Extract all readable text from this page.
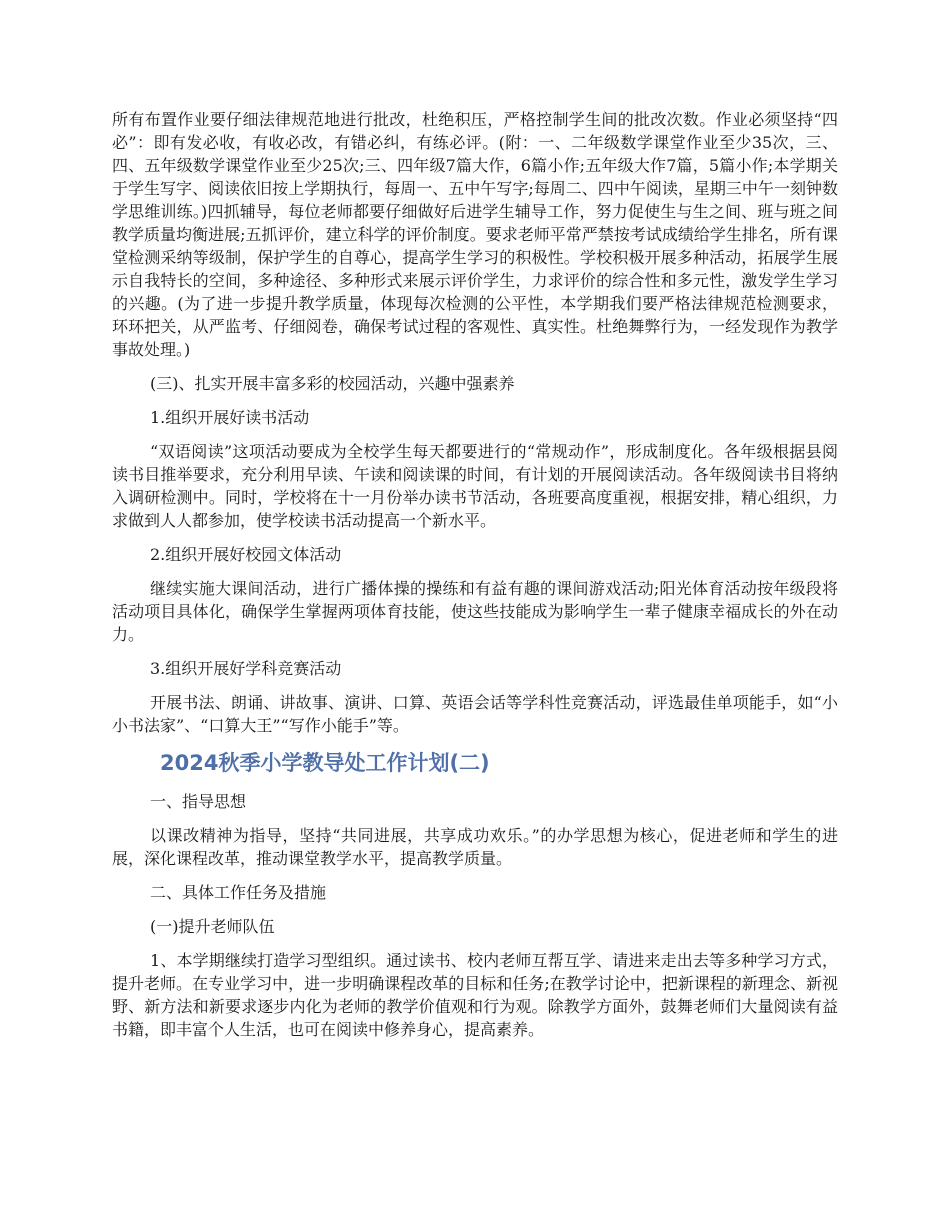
所有布置作业要仔细法律规范地进行批改，杜绝积压，严格控制学生间的批改次数。作业必须坚持“四必”：即有发必收，有收必改，有错必纠，有练必评。(附：一、二年级数学课堂作业至少35次，三、四、五年级数学课堂作业至少25次;三、四年级7篇大作，6篇小作;五年级大作7篇，5篇小作;本学期关于学生写字、阅读依旧按上学期执行，每周一、五中午写字;每周二、四中午阅读，星期三中午一刻钟数学思维训练。)四抓辅导，每位老师都要仔细做好后进学生辅导工作，努力促使生与生之间、班与班之间教学质量均衡进展;五抓评价，建立科学的评价制度。要求老师平常严禁按考试成绩给学生排名，所有课堂检测采纳等级制，保护学生的自尊心，提高学生学习的积极性。学校积极开展多种活动，拓展学生展示自我特长的空间，多种途径、多种形式来展示评价学生，力求评价的综合性和多元性，激发学生学习的兴趣。(为了进一步提升教学质量，体现每次检测的公平性，本学期我们要严格法律规范检测要求，环环把关，从严监考、仔细阅卷，确保考试过程的客观性、真实性。杜绝舞弊行为，一经发现作为教学事故处理。)

(三)、扎实开展丰富多彩的校园活动，兴趣中强素养

1.组织开展好读书活动

“双语阅读”这项活动要成为全校学生每天都要进行的“常规动作”，形成制度化。各年级根据县阅读书目推举要求，充分利用早读、午读和阅读课的时间，有计划的开展阅读活动。各年级阅读书目将纳入调研检测中。同时，学校将在十一月份举办读书节活动，各班要高度重视，根据安排，精心组织，力求做到人人都参加，使学校读书活动提高一个新水平。

2.组织开展好校园文体活动

继续实施大课间活动，进行广播体操的操练和有益有趣的课间游戏活动;阳光体育活动按年级段将活动项目具体化，确保学生掌握两项体育技能，使这些技能成为影响学生一辈子健康幸福成长的外在动力。

3.组织开展好学科竞赛活动

开展书法、朗诵、讲故事、演讲、口算、英语会话等学科性竞赛活动，评选最佳单项能手，如“小小书法家”、“口算大王”“写作小能手”等。

2024秋季小学教导处工作计划(二)

一、指导思想

以课改精神为指导，坚持“共同进展，共享成功欢乐。”的办学思想为核心，促进老师和学生的进展，深化课程改革，推动课堂教学水平，提高教学质量。

二、具体工作任务及措施

(一)提升老师队伍

1、本学期继续打造学习型组织。通过读书、校内老师互帮互学、请进来走出去等多种学习方式，提升老师。在专业学习中，进一步明确课程改革的目标和任务;在教学讨论中，把新课程的新理念、新视野、新方法和新要求逐步内化为老师的教学价值观和行为观。除教学方面外，鼓舞老师们大量阅读有益书籍，即丰富个人生活，也可在阅读中修养身心，提高素养。
